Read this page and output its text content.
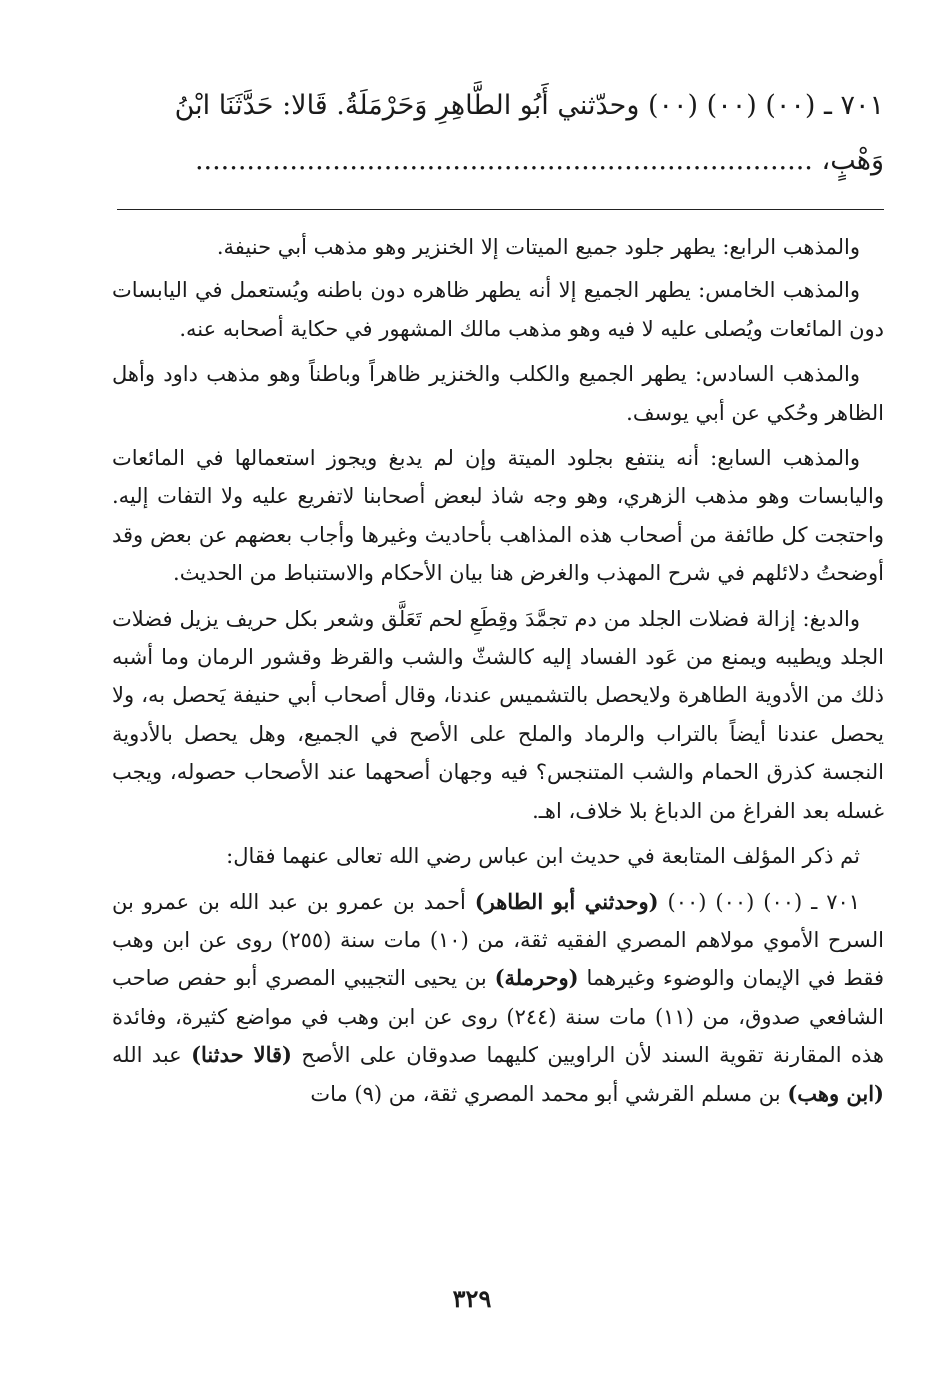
٧٠١ ـ (٠٠) (٠٠) (٠٠) وحدّثني أَبُو الطَّاهِرِ وَحَرْمَلَةُ. قَالا: حَدَّثَنَا ابْنُ
وَهْبٍ، ........................................................................

والمذهب الرابع: يطهر جلود جميع الميتات إلا الخنزير وهو مذهب أبي حنيفة.

والمذهب الخامس: يطهر الجميع إلا أنه يطهر ظاهره دون باطنه ويُستعمل في اليابسات دون المائعات ويُصلى عليه لا فيه وهو مذهب مالك المشهور في حكاية أصحابه عنه.

والمذهب السادس: يطهر الجميع والكلب والخنزير ظاهراً وباطناً وهو مذهب داود وأهل الظاهر وحُكي عن أبي يوسف.

والمذهب السابع: أنه ينتفع بجلود الميتة وإن لم يدبغ ويجوز استعمالها في المائعات واليابسات وهو مذهب الزهري، وهو وجه شاذ لبعض أصحابنا لاتفريع عليه ولا التفات إليه. واحتجت كل طائفة من أصحاب هذه المذاهب بأحاديث وغيرها وأجاب بعضهم عن بعض وقد أوضحتُ دلائلهم في شرح المهذب والغرض هنا بيان الأحكام والاستنباط من الحديث.

والدبغ: إزالة فضلات الجلد من دم تجمَّدَ وقِطَعِ لحم تَعَلَّق وشعر بكل حريف يزيل فضلات الجلد ويطيبه ويمنع من عَود الفساد إليه كالشثّ والشب والقرظ وقشور الرمان وما أشبه ذلك من الأدوية الطاهرة ولايحصل بالتشميس عندنا، وقال أصحاب أبي حنيفة يَحصل به، ولا يحصل عندنا أيضاً بالتراب والرماد والملح على الأصح في الجميع، وهل يحصل بالأدوية النجسة كذرق الحمام والشب المتنجس؟ فيه وجهان أصحهما عند الأصحاب حصوله، ويجب غسله بعد الفراغ من الدباغ بلا خلاف، اهـ.

ثم ذكر المؤلف المتابعة في حديث ابن عباس رضي الله تعالى عنهما فقال:

٧٠١ ـ (٠٠) (٠٠) (٠٠) (وحدثني أبو الطاهر) أحمد بن عمرو بن عبد الله بن عمرو بن السرح الأموي مولاهم المصري الفقيه ثقة، من (١٠) مات سنة (٢٥٥) روى عن ابن وهب فقط في الإيمان والوضوء وغيرهما (وحرملة) بن يحيى التجيبي المصري أبو حفص صاحب الشافعي صدوق، من (١١) مات سنة (٢٤٤) روى عن ابن وهب في مواضع كثيرة، وفائدة هذه المقارنة تقوية السند لأن الراويين كليهما صدوقان على الأصح (قالا حدثنا) عبد الله (ابن وهب) بن مسلم القرشي أبو محمد المصري ثقة، من (٩) مات

٣٢٩
